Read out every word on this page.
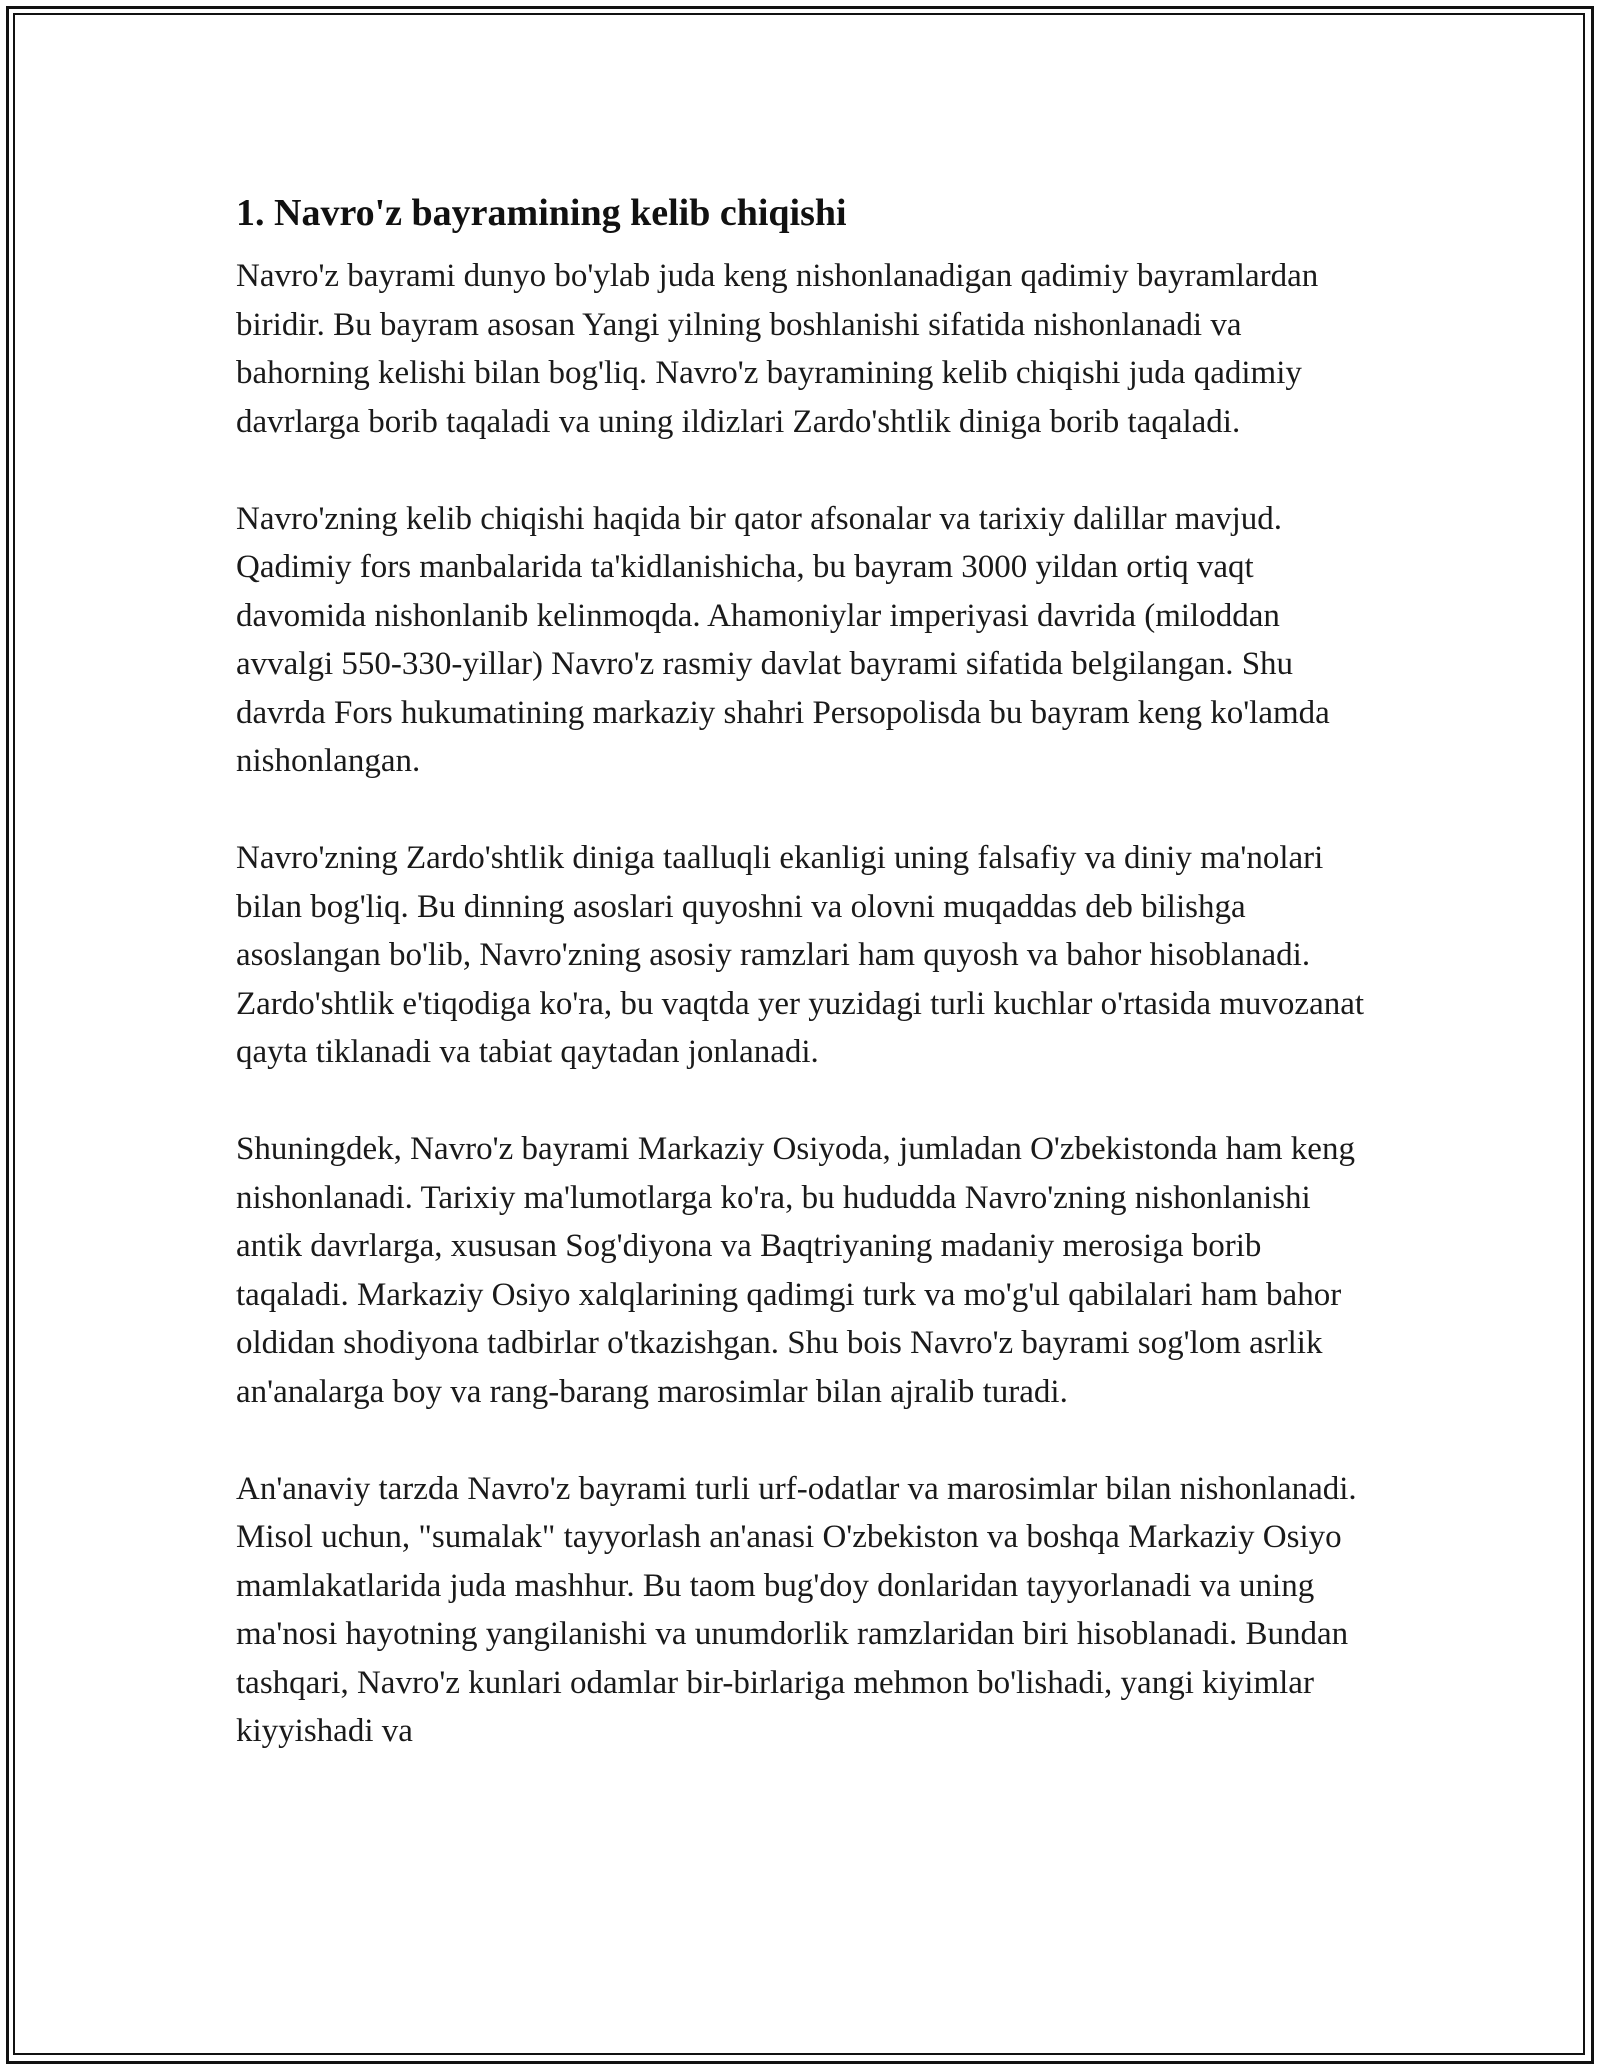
1. Navro'z bayramining kelib chiqishi

Navro'z bayrami dunyo bo'ylab juda keng nishonlanadigan qadimiy bayramlardan biridir. Bu bayram asosan Yangi yilning boshlanishi sifatida nishonlanadi va bahorning kelishi bilan bog'liq. Navro'z bayramining kelib chiqishi juda qadimiy davrlarga borib taqaladi va uning ildizlari Zardo'shtlik diniga borib taqaladi.

Navro'zning kelib chiqishi haqida bir qator afsonalar va tarixiy dalillar mavjud. Qadimiy fors manbalarida ta'kidlanishicha, bu bayram 3000 yildan ortiq vaqt davomida nishonlanib kelinmoqda. Ahamoniylar imperiyasi davrida (miloddan avvalgi 550-330-yillar) Navro'z rasmiy davlat bayrami sifatida belgilangan. Shu davrda Fors hukumatining markaziy shahri Persopolisda bu bayram keng ko'lamda nishonlangan.

Navro'zning Zardo'shtlik diniga taalluqli ekanligi uning falsafiy va diniy ma'nolari bilan bog'liq. Bu dinning asoslari quyoshni va olovni muqaddas deb bilishga asoslangan bo'lib, Navro'zning asosiy ramzlari ham quyosh va bahor hisoblanadi. Zardo'shtlik e'tiqodiga ko'ra, bu vaqtda yer yuzidagi turli kuchlar o'rtasida muvozanat qayta tiklanadi va tabiat qaytadan jonlanadi.

Shuningdek, Navro'z bayrami Markaziy Osiyoda, jumladan O'zbekistonda ham keng nishonlanadi. Tarixiy ma'lumotlarga ko'ra, bu hududda Navro'zning nishonlanishi antik davrlarga, xususan Sog'diyona va Baqtriyaning madaniy merosiga borib taqaladi. Markaziy Osiyo xalqlarining qadimgi turk va mo'g'ul qabilalari ham bahor oldidan shodiyona tadbirlar o'tkazishgan. Shu bois Navro'z bayrami sog'lom asrlik an'analarga boy va rang-barang marosimlar bilan ajralib turadi.

An'anaviy tarzda Navro'z bayrami turli urf-odatlar va marosimlar bilan nishonlanadi. Misol uchun, "sumalak" tayyorlash an'anasi O'zbekiston va boshqa Markaziy Osiyo mamlakatlarida juda mashhur. Bu taom bug'doy donlaridan tayyorlanadi va uning ma'nosi hayotning yangilanishi va unumdorlik ramzlaridan biri hisoblanadi. Bundan tashqari, Navro'z kunlari odamlar bir-birlariga mehmon bo'lishadi, yangi kiyimlar kiyyishadi va
